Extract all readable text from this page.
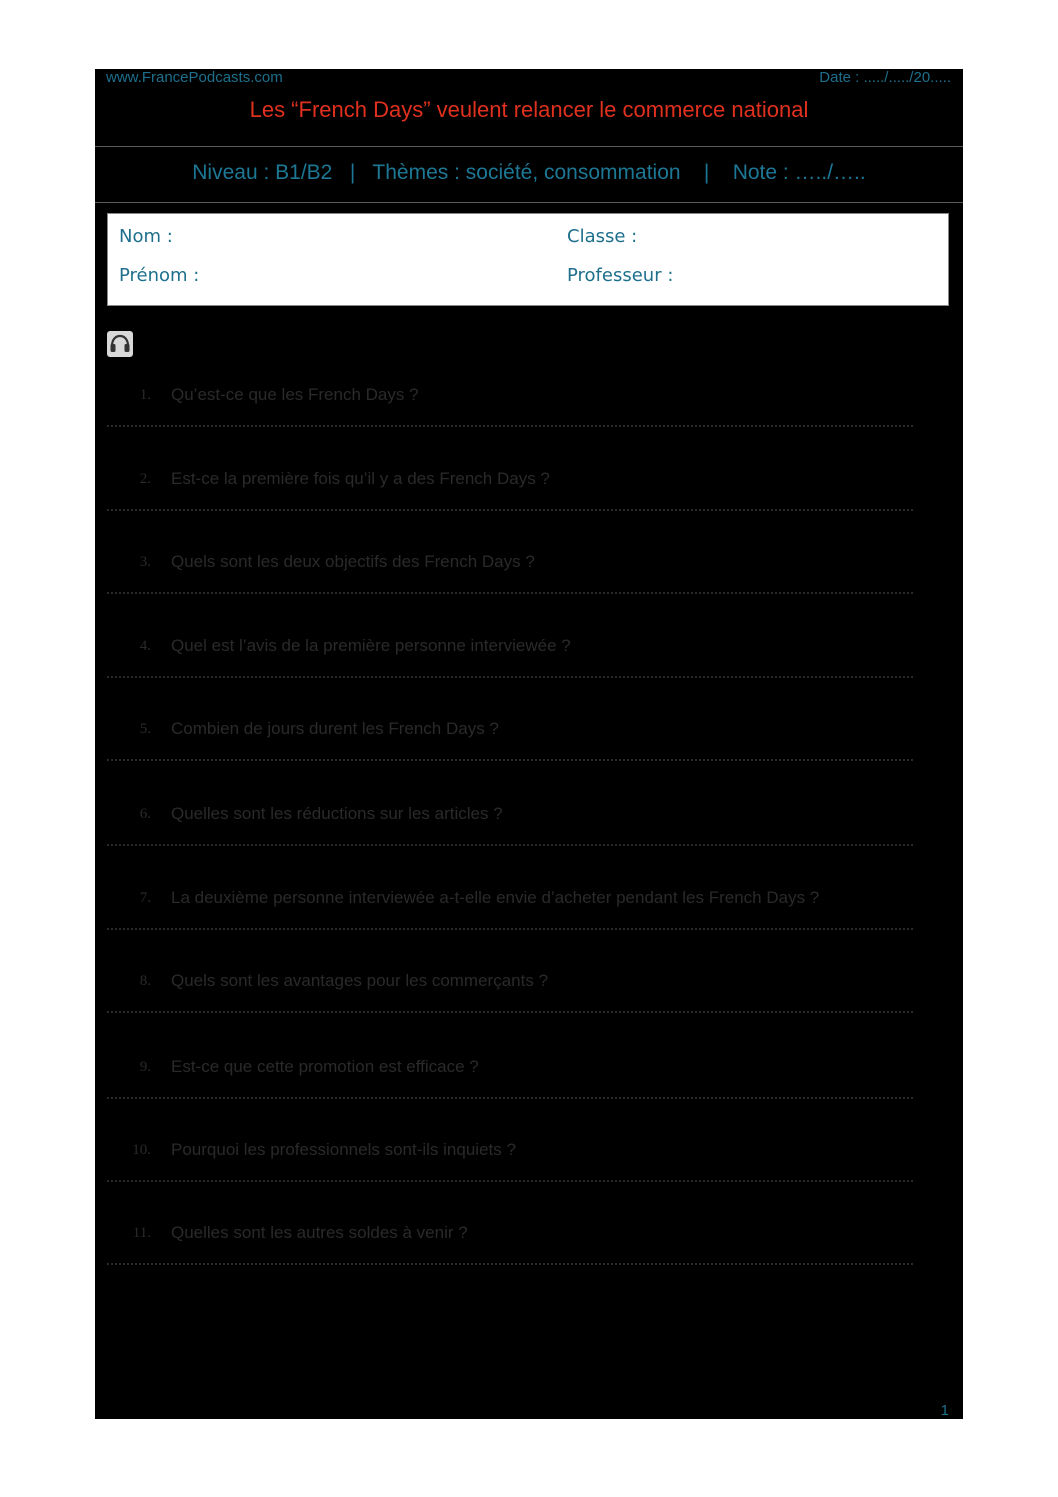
www.FrancePodcasts.com	Date : ...../...../20.....
Les “French Days” veulent relancer le commerce national
Niveau : B1/B2   |   Thèmes : société, consommation    |    Note : …../…..
Nom :	Classe :
Prénom :	Professeur :
1. Qu’est-ce que les French Days ?
2. Est-ce la première fois qu’il y a des French Days ?
3. Quels sont les deux objectifs des French Days ?
4. Quel est l’avis de la première personne interviewée ?
5. Combien de jours durent les French Days ?
6. Quelles sont les réductions sur les articles ?
7. La deuxième personne interviewée a-t-elle envie d’acheter pendant les French Days ?
8. Quels sont les avantages pour les commerçants ?
9. Est-ce que cette promotion est efficace ?
10. Pourquoi les professionnels sont-ils inquiets ?
11. Quelles sont les autres soldes à venir ?
1
